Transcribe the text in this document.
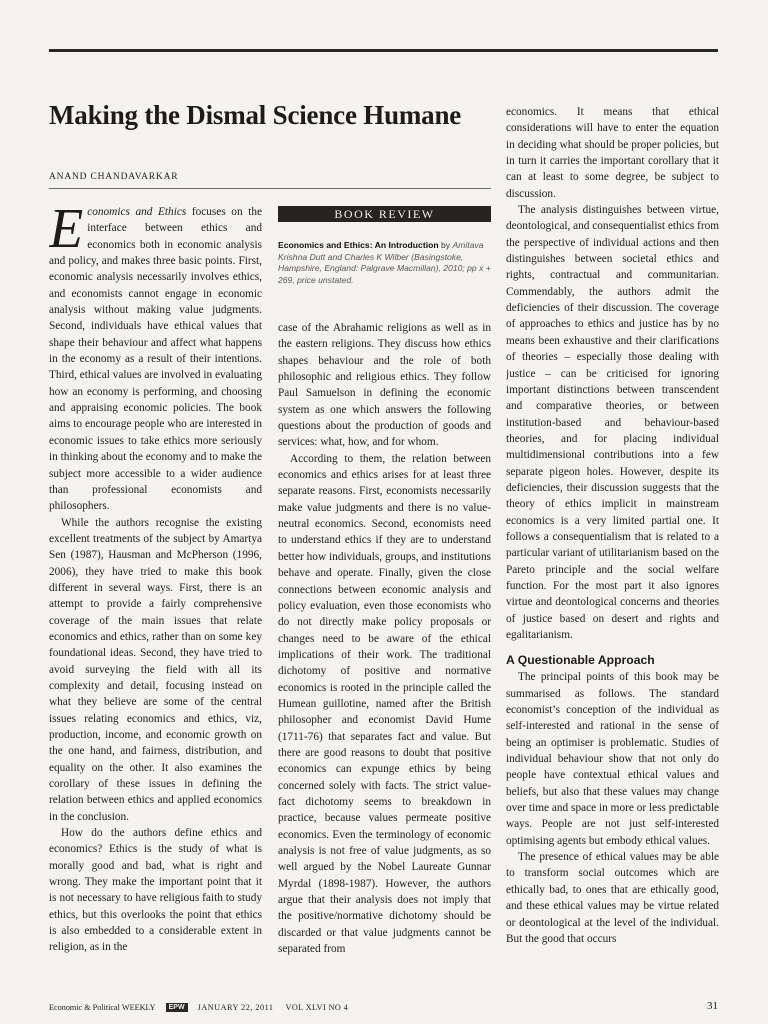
Making the Dismal Science Humane
ANAND CHANDAVARKAR

Economics and Ethics focuses on the interface between ethics and economics both in economic analysis and policy, and makes three basic points. First, economic analysis necessarily involves ethics, and economists cannot engage in economic analysis without making value judgments. Second, individuals have ethical values that shape their behaviour and affect what happens in the economy as a result of their intentions. Third, ethical values are involved in evaluating how an economy is performing, and choosing and appraising economic policies. The book aims to encourage people who are interested in economic issues to take ethics more seriously in thinking about the economy and to make the subject more accessible to a wider audience than professional economists and philosophers.

While the authors recognise the existing excellent treatments of the subject by Amartya Sen (1987), Hausman and McPherson (1996, 2006), they have tried to make this book different in several ways. First, there is an attempt to provide a fairly comprehensive coverage of the main issues that relate economics and ethics, rather than on some key foundational ideas. Second, they have tried to avoid surveying the field with all its complexity and detail, focusing instead on what they believe are some of the central issues relating economics and ethics, viz, production, income, and economic growth on the one hand, and fairness, distribution, and equality on the other. It also examines the corollary of these issues in defining the relation between ethics and applied economics in the conclusion.

How do the authors define ethics and economics? Ethics is the study of what is morally good and bad, what is right and wrong. They make the important point that it is not necessary to have religious faith to study ethics, but this overlooks the point that ethics is also embedded to a considerable extent in religion, as in the

BOOK REVIEW
Economics and Ethics: An Introduction by Amitava Krishna Dutt and Charles K Wilber (Basingstoke, Hampshire, England: Palgrave Macmillan), 2010; pp x + 269, price unstated.

case of the Abrahamic religions as well as in the eastern religions. They discuss how ethics shapes behaviour and the role of both philosophic and religious ethics. They follow Paul Samuelson in defining the economic system as one which answers the following questions about the production of goods and services: what, how, and for whom.

According to them, the relation between economics and ethics arises for at least three separate reasons. First, economists necessarily make value judgments and there is no value-neutral economics. Second, economists need to understand ethics if they are to understand better how individuals, groups, and institutions behave and operate. Finally, given the close connections between economic analysis and policy evaluation, even those economists who do not directly make policy proposals or changes need to be aware of the ethical implications of their work. The traditional dichotomy of positive and normative economics is rooted in the principle called the Humean guillotine, named after the British philosopher and economist David Hume (1711-76) that separates fact and value. But there are good reasons to doubt that positive economics can expunge ethics by being concerned solely with facts. The strict value-fact dichotomy seems to breakdown in practice, because values permeate positive economics. Even the terminology of economic analysis is not free of value judgments, as so well argued by the Nobel Laureate Gunnar Myrdal (1898-1987). However, the authors argue that their analysis does not imply that the positive/normative dichotomy should be discarded or that value judgments cannot be separated from

economics. It means that ethical considerations will have to enter the equation in deciding what should be proper policies, but in turn it carries the important corollary that it can at least to some degree, be subject to discussion.

The analysis distinguishes between virtue, deontological, and consequentialist ethics from the perspective of individual actions and then distinguishes between societal ethics and rights, contractual and communitarian. Commendably, the authors admit the deficiencies of their discussion. The coverage of approaches to ethics and justice has by no means been exhaustive and their clarifications of theories – especially those dealing with justice – can be criticised for ignoring important distinctions between transcendent and comparative theories, or between institution-based and behaviour-based theories, and for placing individual multidimensional contributions into a few separate pigeon holes. However, despite its deficiencies, their discussion suggests that the theory of ethics implicit in mainstream economics is a very limited partial one. It follows a consequentialism that is related to a particular variant of utilitarianism based on the Pareto principle and the social welfare function. For the most part it also ignores virtue and deontological concerns and theories of justice based on desert and rights and egalitarianism.

A Questionable Approach

The principal points of this book may be summarised as follows. The standard economist’s conception of the individual as self-interested and rational in the sense of being an optimiser is problematic. Studies of individual behaviour show that not only do people have contextual ethical values and beliefs, but also that these values may change over time and space in more or less predictable ways. People are not just self-interested optimising agents but embody ethical values.

The presence of ethical values may be able to transform social outcomes which are ethically bad, to ones that are ethically good, and these ethical values may be virtue related or deontological at the level of the individual. But the good that occurs

Economic & Political WEEKLY EPW JANUARY 22, 2011 VOL XLVI NO 4	31
